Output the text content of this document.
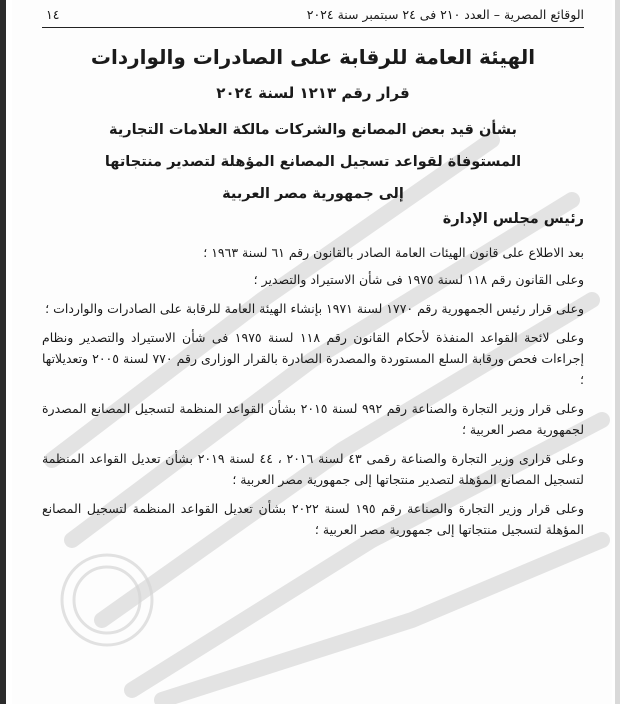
١٤	الوقائع المصرية – العدد ٢١٠ فى ٢٤ سبتمبر سنة ٢٠٢٤
الهيئة العامة للرقابة على الصادرات والواردات
قرار رقم ١٢١٣ لسنة ٢٠٢٤
بشأن قيد بعض المصانع والشركات مالكة العلامات التجارية
المستوفاة لقواعد تسجيل المصانع المؤهلة لتصدير منتجاتها
إلى جمهورية مصر العربية
رئيس مجلس الإدارة

بعد الاطلاع على قانون الهيئات العامة الصادر بالقانون رقم ٦١ لسنة ١٩٦٣ ؛

وعلى القانون رقم ١١٨ لسنة ١٩٧٥ فى شأن الاستيراد والتصدير ؛

وعلى قرار رئيس الجمهورية رقم ١٧٧٠ لسنة ١٩٧١ بإنشاء الهيئة العامة للرقابة على الصادرات والواردات ؛

وعلى لائحة القواعد المنفذة لأحكام القانون رقم ١١٨ لسنة ١٩٧٥ فى شأن الاستيراد والتصدير ونظام إجراءات فحص ورقابة السلع المستوردة والمصدرة الصادرة بالقرار الوزارى رقم ٧٧٠ لسنة ٢٠٠٥ وتعديلاتها ؛

وعلى قرار وزير التجارة والصناعة رقم ٩٩٢ لسنة ٢٠١٥ بشأن القواعد المنظمة لتسجيل المصانع المصدرة لجمهورية مصر العربية ؛

وعلى قرارى وزير التجارة والصناعة رقمى ٤٣ لسنة ٢٠١٦ ، ٤٤ لسنة ٢٠١٩ بشأن تعديل القواعد المنظمة لتسجيل المصانع المؤهلة لتصدير منتجاتها إلى جمهورية مصر العربية ؛

وعلى قرار وزير التجارة والصناعة رقم ١٩٥ لسنة ٢٠٢٢ بشأن تعديل القواعد المنظمة لتسجيل المصانع المؤهلة لتسجيل منتجاتها إلى جمهورية مصر العربية ؛
